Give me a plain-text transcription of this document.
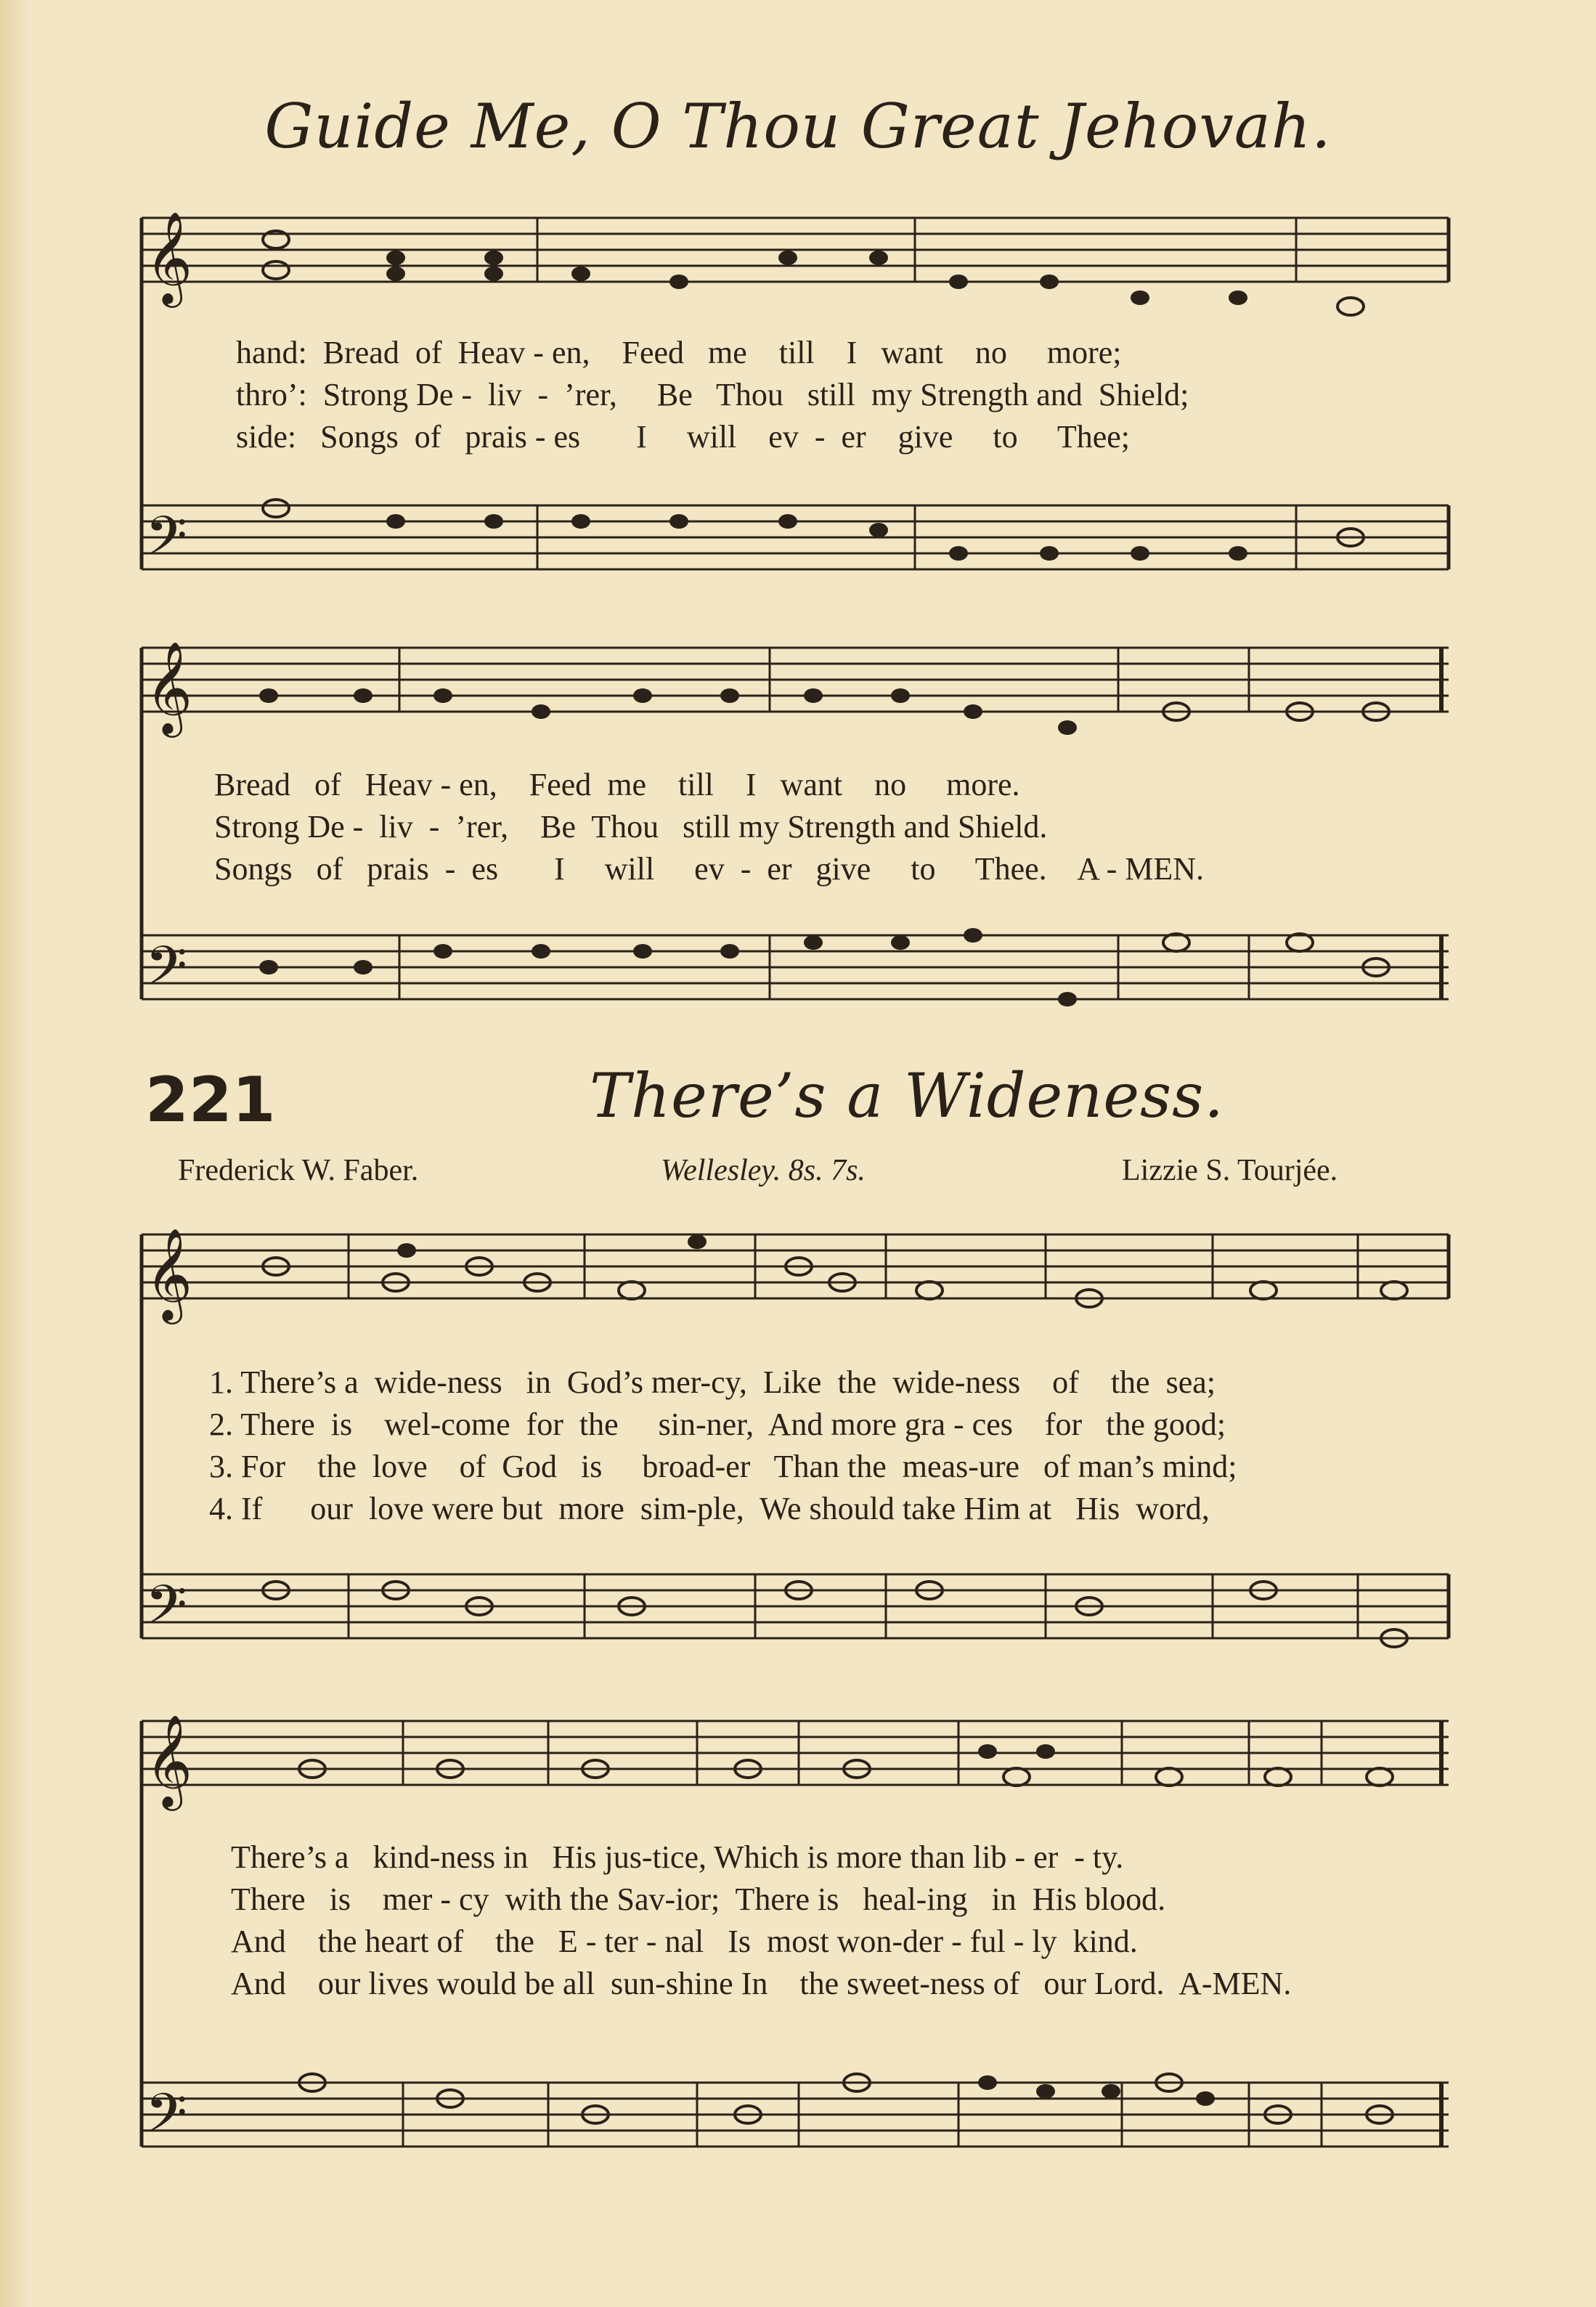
Guide Me, O Thou Great Jehovah.
𝄞
𝄢
𝄞
𝄢
hand:  Bread  of  Heav - en,    Feed   me    till    I   want    no     more;
thro’:  Strong De -  liv  -  ’rer,     Be   Thou   still  my Strength and  Shield;
side:   Songs  of   prais - es       I     will    ev  -  er    give     to     Thee;
Bread   of   Heav - en,    Feed  me    till    I   want    no     more.
Strong De -  liv  -  ’rer,    Be  Thou   still my Strength and Shield.
Songs   of   prais  -  es       I     will     ev  -  er   give     to     Thee.    A - MEN.
221	There’s a Wideness.
Frederick W. Faber.	Wellesley. 8s. 7s.	Lizzie S. Tourjée.
𝄞
𝄢
𝄞
𝄢
1. There’s a  wide-ness   in  God’s mer-cy,  Like  the  wide-ness    of    the  sea;
2. There  is    wel-come  for  the     sin-ner,  And more gra - ces    for   the good;
3. For    the  love    of  God   is     broad-er   Than the  meas-ure   of man’s mind;
4. If      our  love were but  more  sim-ple,  We should take Him at   His  word,
There’s a   kind-ness in   His jus-tice, Which is more than lib - er  - ty.
There   is    mer - cy  with the Sav-ior;  There is   heal-ing   in  His blood.
And    the heart of    the   E - ter - nal   Is  most won-der - ful - ly  kind.
And    our lives would be all  sun-shine In    the sweet-ness of   our Lord.  A-MEN.
